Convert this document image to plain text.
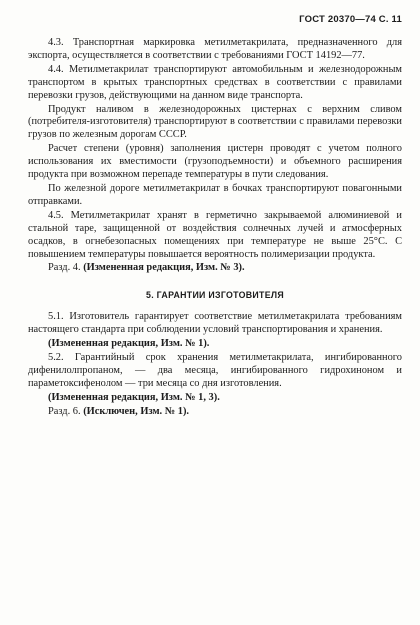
ГОСТ 20370—74 С. 11

4.3. Транспортная маркировка метилметакрилата, предназначенного для экспорта, осуществляется в соответствии с требованиями ГОСТ 14192—77.

4.4. Метилметакрилат транспортируют автомобильным и железнодорожным транспортом в крытых транспортных средствах в соответствии с правилами перевозки грузов, действующими на данном виде транспорта.

Продукт наливом в железнодорожных цистернах с верхним сливом (потребителя-изготовителя) транспортируют в соответствии с правилами перевозки грузов по железным дорогам СССР.

Расчет степени (уровня) заполнения цистерн проводят с учетом полного использования их вместимости (грузоподъемности) и объемного расширения продукта при возможном перепаде температуры в пути следования.

По железной дороге метилметакрилат в бочках транспортируют повагонными отправками.

4.5. Метилметакрилат хранят в герметично закрываемой алюминиевой и стальной таре, защищенной от воздействия солнечных лучей и атмосферных осадков, в огнебезопасных помещениях при температуре не выше 25°С. С повышением температуры повышается вероятность полимеризации продукта.

Разд. 4. (Измененная редакция, Изм. № 3).

5. ГАРАНТИИ ИЗГОТОВИТЕЛЯ

5.1. Изготовитель гарантирует соответствие метилметакрилата требованиям настоящего стандарта при соблюдении условий транспортирования и хранения.

(Измененная редакция, Изм. № 1).

5.2. Гарантийный срок хранения метилметакрилата, ингибированного дифенилолпропаном, — два месяца, ингибированного гидрохиноном и параметоксифенолом — три месяца со дня изготовления.

(Измененная редакция, Изм. № 1, 3).

Разд. 6. (Исключен, Изм. № 1).
